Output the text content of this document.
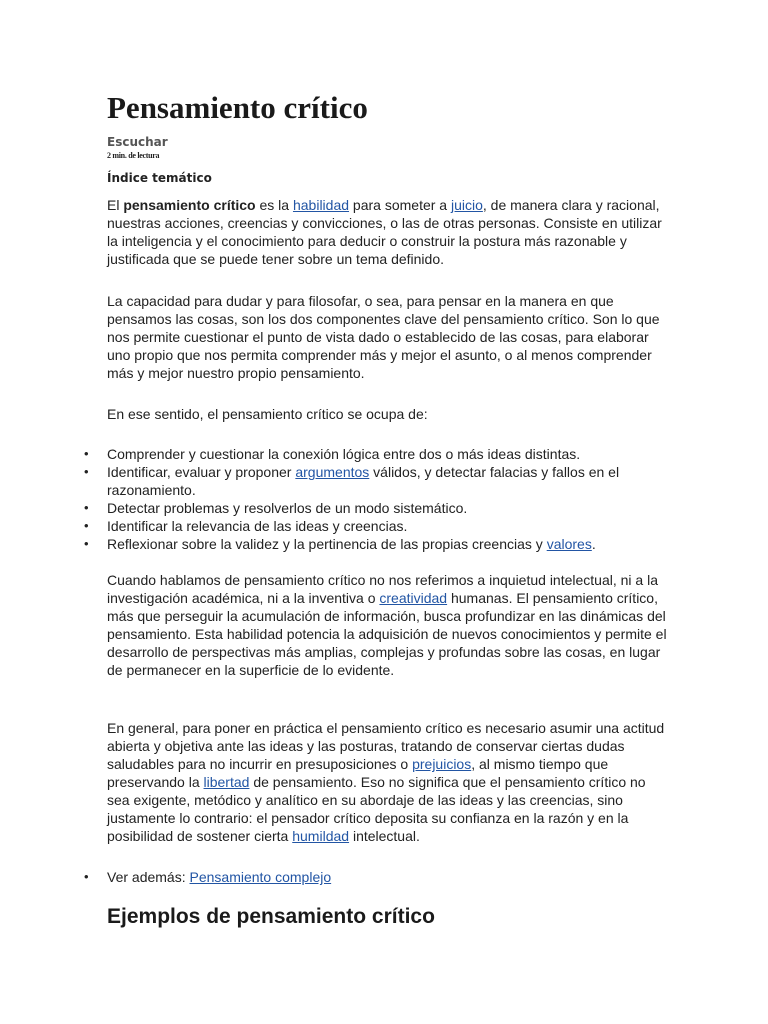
Pensamiento crítico
Escuchar
2 min. de lectura
Índice temático

El pensamiento crítico es la habilidad para someter a juicio, de manera clara y racional, nuestras acciones, creencias y convicciones, o las de otras personas. Consiste en utilizar la inteligencia y el conocimiento para deducir o construir la postura más razonable y justificada que se puede tener sobre un tema definido.

La capacidad para dudar y para filosofar, o sea, para pensar en la manera en que pensamos las cosas, son los dos componentes clave del pensamiento crítico. Son lo que nos permite cuestionar el punto de vista dado o establecido de las cosas, para elaborar uno propio que nos permita comprender más y mejor el asunto, o al menos comprender más y mejor nuestro propio pensamiento.

En ese sentido, el pensamiento crítico se ocupa de:

• Comprender y cuestionar la conexión lógica entre dos o más ideas distintas.
• Identificar, evaluar y proponer argumentos válidos, y detectar falacias y fallos en el razonamiento.
• Detectar problemas y resolverlos de un modo sistemático.
• Identificar la relevancia de las ideas y creencias.
• Reflexionar sobre la validez y la pertinencia de las propias creencias y valores.

Cuando hablamos de pensamiento crítico no nos referimos a inquietud intelectual, ni a la investigación académica, ni a la inventiva o creatividad humanas. El pensamiento crítico, más que perseguir la acumulación de información, busca profundizar en las dinámicas del pensamiento. Esta habilidad potencia la adquisición de nuevos conocimientos y permite el desarrollo de perspectivas más amplias, complejas y profundas sobre las cosas, en lugar de permanecer en la superficie de lo evidente.

En general, para poner en práctica el pensamiento crítico es necesario asumir una actitud abierta y objetiva ante las ideas y las posturas, tratando de conservar ciertas dudas saludables para no incurrir en presuposiciones o prejuicios, al mismo tiempo que preservando la libertad de pensamiento. Eso no significa que el pensamiento crítico no sea exigente, metódico y analítico en su abordaje de las ideas y las creencias, sino justamente lo contrario: el pensador crítico deposita su confianza en la razón y en la posibilidad de sostener cierta humildad intelectual.

• Ver además: Pensamiento complejo
Ejemplos de pensamiento crítico
